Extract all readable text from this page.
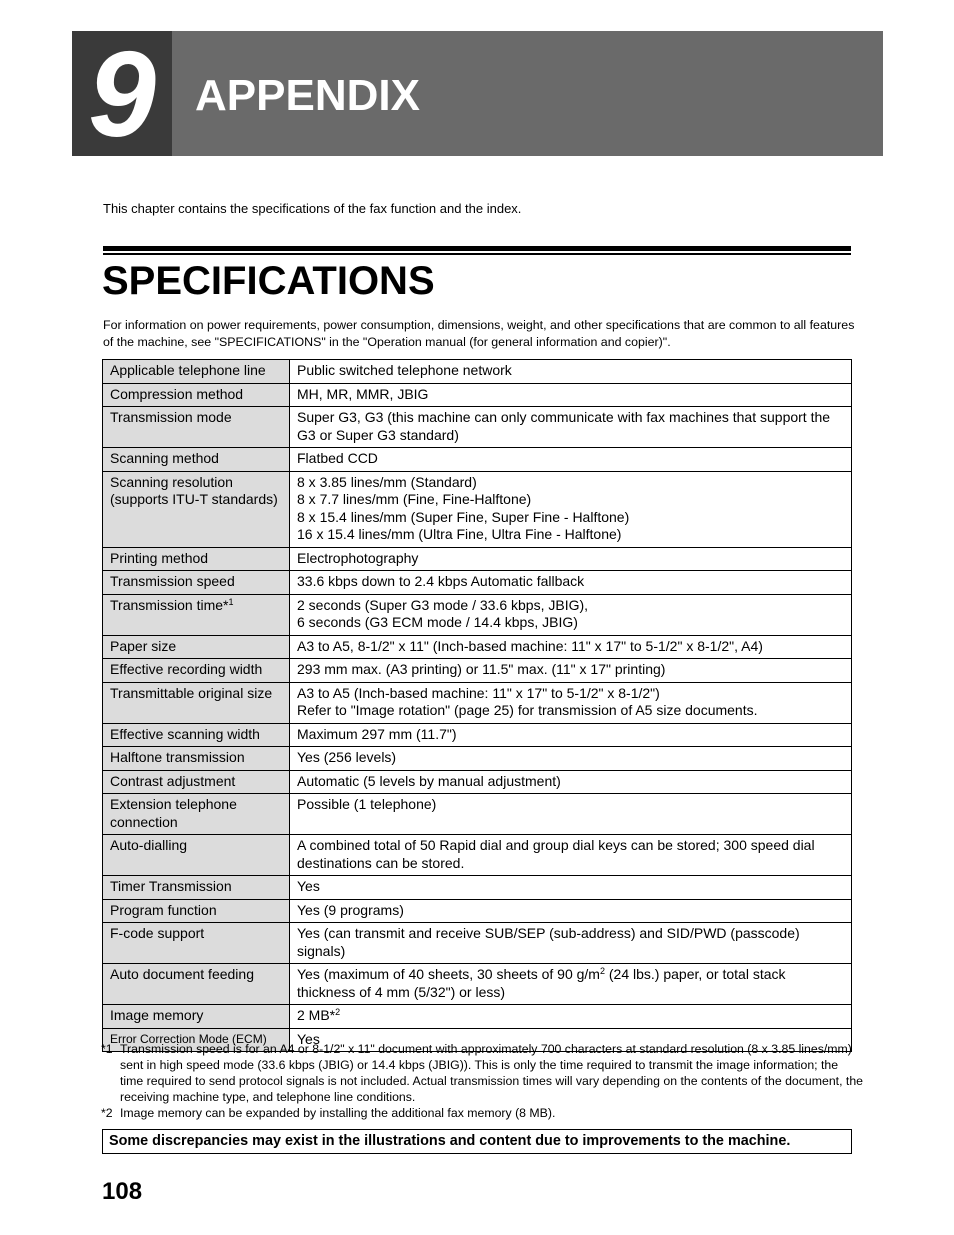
9 APPENDIX
This chapter contains the specifications of the fax function and the index.
SPECIFICATIONS
For information on power requirements, power consumption, dimensions, weight, and other specifications that are common to all features of the machine, see "SPECIFICATIONS" in the "Operation manual (for general information and copier)".
Applicable telephone line	Public switched telephone network

Compression method	MH, MR, MMR, JBIG

Transmission mode	Super G3, G3 (this machine can only communicate with fax machines that support the G3 or Super G3 standard)

Scanning method	Flatbed CCD

Scanning resolution (supports ITU-T standards)	8 x 3.85 lines/mm (Standard)
8 x 7.7 lines/mm (Fine, Fine-Halftone)
8 x 15.4 lines/mm (Super Fine, Super Fine - Halftone)
16 x 15.4 lines/mm (Ultra Fine, Ultra Fine - Halftone)

Printing method	Electrophotography

Transmission speed	33.6 kbps down to 2.4 kbps Automatic fallback

Transmission time*$^1$	2 seconds (Super G3 mode / 33.6 kbps, JBIG),
6 seconds (G3 ECM mode / 14.4 kbps, JBIG)

Paper size	A3 to A5, 8-1/2" x 11" (Inch-based machine: 11" x 17" to 5-1/2" x 8-1/2", A4)

Effective recording width	293 mm max. (A3 printing) or 11.5" max. (11" x 17" printing)

Transmittable original size	A3 to A5 (Inch-based machine: 11" x 17" to 5-1/2" x 8-1/2")
Refer to "Image rotation" (page 25) for transmission of A5 size documents.

Effective scanning width	Maximum 297 mm (11.7")

Halftone transmission	Yes (256 levels)

Contrast adjustment	Automatic (5 levels by manual adjustment)

Extension telephone connection	Possible (1 telephone)

Auto-dialling	A combined total of 50 Rapid dial and group dial keys can be stored; 300 speed dial destinations can be stored.

Timer Transmission	Yes

Program function	Yes (9 programs)

F-code support	Yes (can transmit and receive SUB/SEP (sub-address) and SID/PWD (passcode) signals)

Auto document feeding	Yes (maximum of 40 sheets, 30 sheets of 90 $g/m^2$ (24 lbs.) paper, or total stack thickness of 4 mm (5/32") or less)
Image memory	2 MB*$^2$
Error Correction Mode (ECM)	Yes
*1 Transmission speed is for an A4 or 8-1/2" x 11" document with approximately 700 characters at standard resolution (8 x 3.85 lines/mm) sent in high speed mode (33.6 kbps (JBIG) or 14.4 kbps (JBIG)). This is only the time required to transmit the image information; the time required to send protocol signals is not included. Actual transmission times will vary depending on the contents of the document, the receiving machine type, and telephone line conditions.
*2 Image memory can be expanded by installing the additional fax memory (8 MB).
Some discrepancies may exist in the illustrations and content due to improvements to the machine.
108
